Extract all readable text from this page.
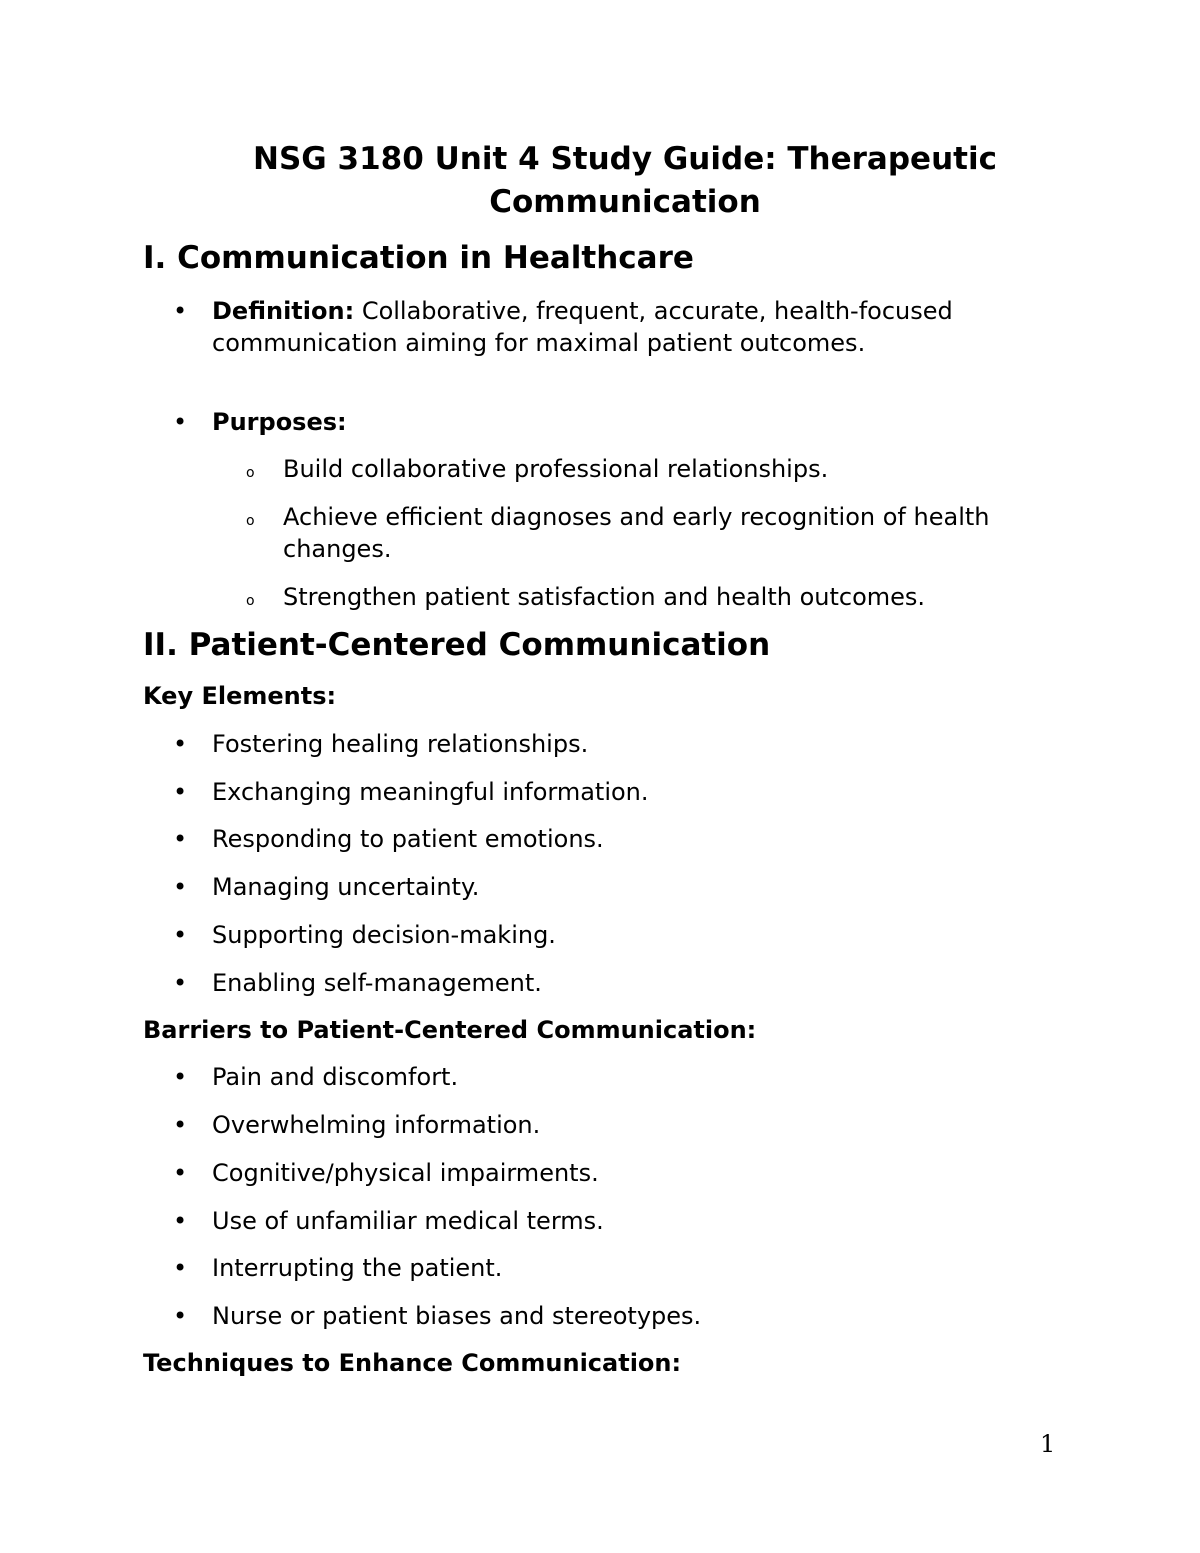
NSG 3180 Unit 4 Study Guide: Therapeutic Communication
I. Communication in Healthcare
• Definition: Collaborative, frequent, accurate, health-focused communication aiming for maximal patient outcomes.

• Purposes:

o Build collaborative professional relationships.

o Achieve efficient diagnoses and early recognition of health changes.

o Strengthen patient satisfaction and health outcomes.

II. Patient-Centered Communication
Key Elements:
• Fostering healing relationships.

• Exchanging meaningful information.

• Responding to patient emotions.

• Managing uncertainty.

• Supporting decision-making.

• Enabling self-management.

Barriers to Patient-Centered Communication:
• Pain and discomfort.

• Overwhelming information.

• Cognitive/physical impairments.

• Use of unfamiliar medical terms.

• Interrupting the patient.

• Nurse or patient biases and stereotypes.

Techniques to Enhance Communication:
1
